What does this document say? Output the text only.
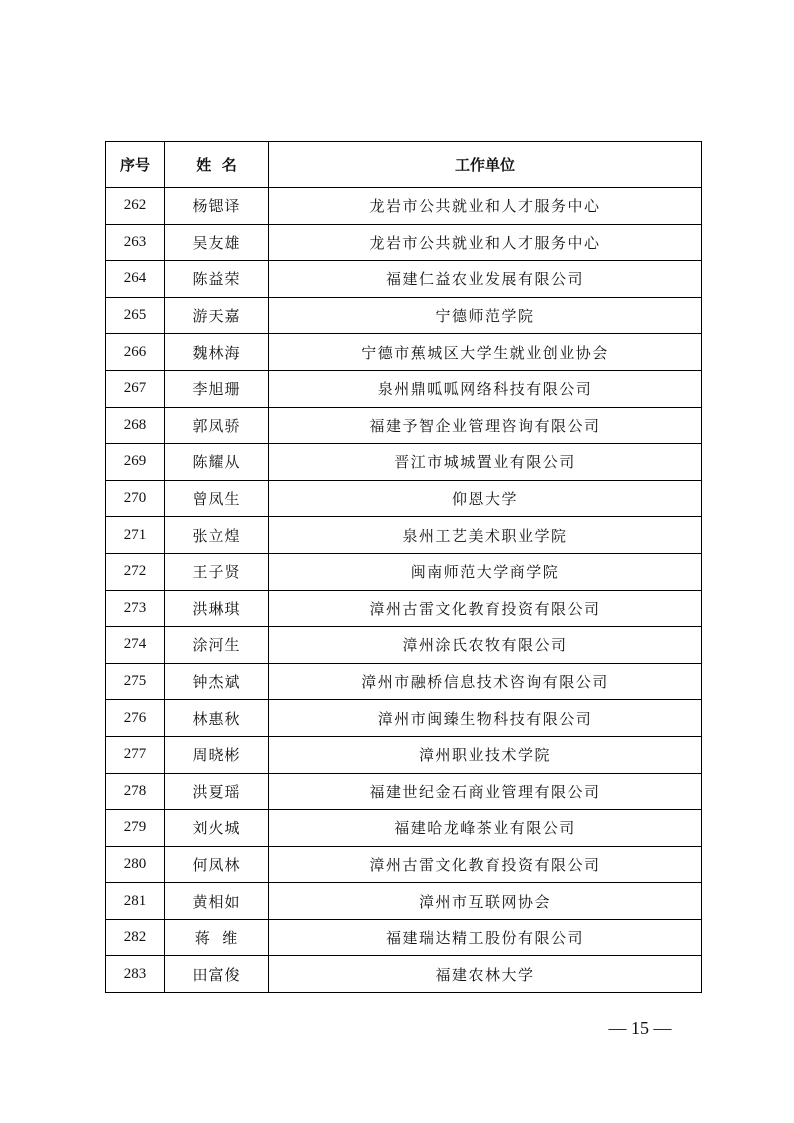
序号	姓  名	工作单位
262	杨锶译	龙岩市公共就业和人才服务中心
263	吴友雄	龙岩市公共就业和人才服务中心
264	陈益荣	福建仁益农业发展有限公司
265	游天嘉	宁德师范学院
266	魏林海	宁德市蕉城区大学生就业创业协会
267	李旭珊	泉州鼎呱呱网络科技有限公司
268	郭凤骄	福建予智企业管理咨询有限公司
269	陈耀从	晋江市城城置业有限公司
270	曾凤生	仰恩大学
271	张立煌	泉州工艺美术职业学院
272	王子贤	闽南师范大学商学院
273	洪琳琪	漳州古雷文化教育投资有限公司
274	涂河生	漳州涂氏农牧有限公司
275	钟杰斌	漳州市融桥信息技术咨询有限公司
276	林惠秋	漳州市闽臻生物科技有限公司
277	周晓彬	漳州职业技术学院
278	洪夏瑶	福建世纪金石商业管理有限公司
279	刘火城	福建哈龙峰茶业有限公司
280	何凤林	漳州古雷文化教育投资有限公司
281	黄相如	漳州市互联网协会
282	蒋  维	福建瑞达精工股份有限公司
283	田富俊	福建农林大学
— 15 —
